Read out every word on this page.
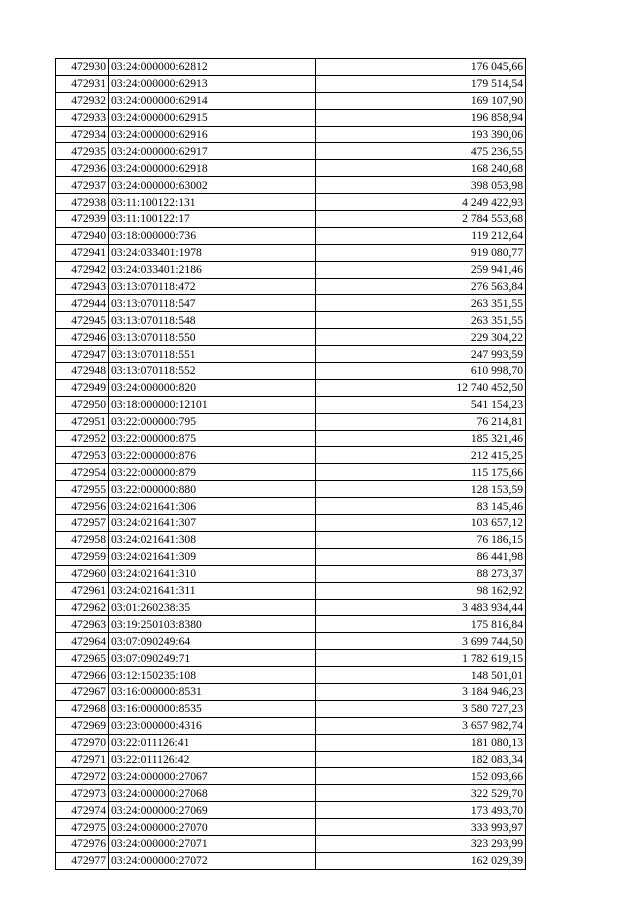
472930	03:24:000000:62812	176 045,66
472931	03:24:000000:62913	179 514,54
472932	03:24:000000:62914	169 107,90
472933	03:24:000000:62915	196 858,94
472934	03:24:000000:62916	193 390,06
472935	03:24:000000:62917	475 236,55
472936	03:24:000000:62918	168 240,68
472937	03:24:000000:63002	398 053,98
472938	03:11:100122:131	4 249 422,93
472939	03:11:100122:17	2 784 553,68
472940	03:18:000000:736	119 212,64
472941	03:24:033401:1978	919 080,77
472942	03:24:033401:2186	259 941,46
472943	03:13:070118:472	276 563,84
472944	03:13:070118:547	263 351,55
472945	03:13:070118:548	263 351,55
472946	03:13:070118:550	229 304,22
472947	03:13:070118:551	247 993,59
472948	03:13:070118:552	610 998,70
472949	03:24:000000:820	12 740 452,50
472950	03:18:000000:12101	541 154,23
472951	03:22:000000:795	76 214,81
472952	03:22:000000:875	185 321,46
472953	03:22:000000:876	212 415,25
472954	03:22:000000:879	115 175,66
472955	03:22:000000:880	128 153,59
472956	03:24:021641:306	83 145,46
472957	03:24:021641:307	103 657,12
472958	03:24:021641:308	76 186,15
472959	03:24:021641:309	86 441,98
472960	03:24:021641:310	88 273,37
472961	03:24:021641:311	98 162,92
472962	03:01:260238:35	3 483 934,44
472963	03:19:250103:8380	175 816,84
472964	03:07:090249:64	3 699 744,50
472965	03:07:090249:71	1 782 619,15
472966	03:12:150235:108	148 501,01
472967	03:16:000000:8531	3 184 946,23
472968	03:16:000000:8535	3 580 727,23
472969	03:23:000000:4316	3 657 982,74
472970	03:22:011126:41	181 080,13
472971	03:22:011126:42	182 083,34
472972	03:24:000000:27067	152 093,66
472973	03:24:000000:27068	322 529,70
472974	03:24:000000:27069	173 493,70
472975	03:24:000000:27070	333 993,97
472976	03:24:000000:27071	323 293,99
472977	03:24:000000:27072	162 029,39
